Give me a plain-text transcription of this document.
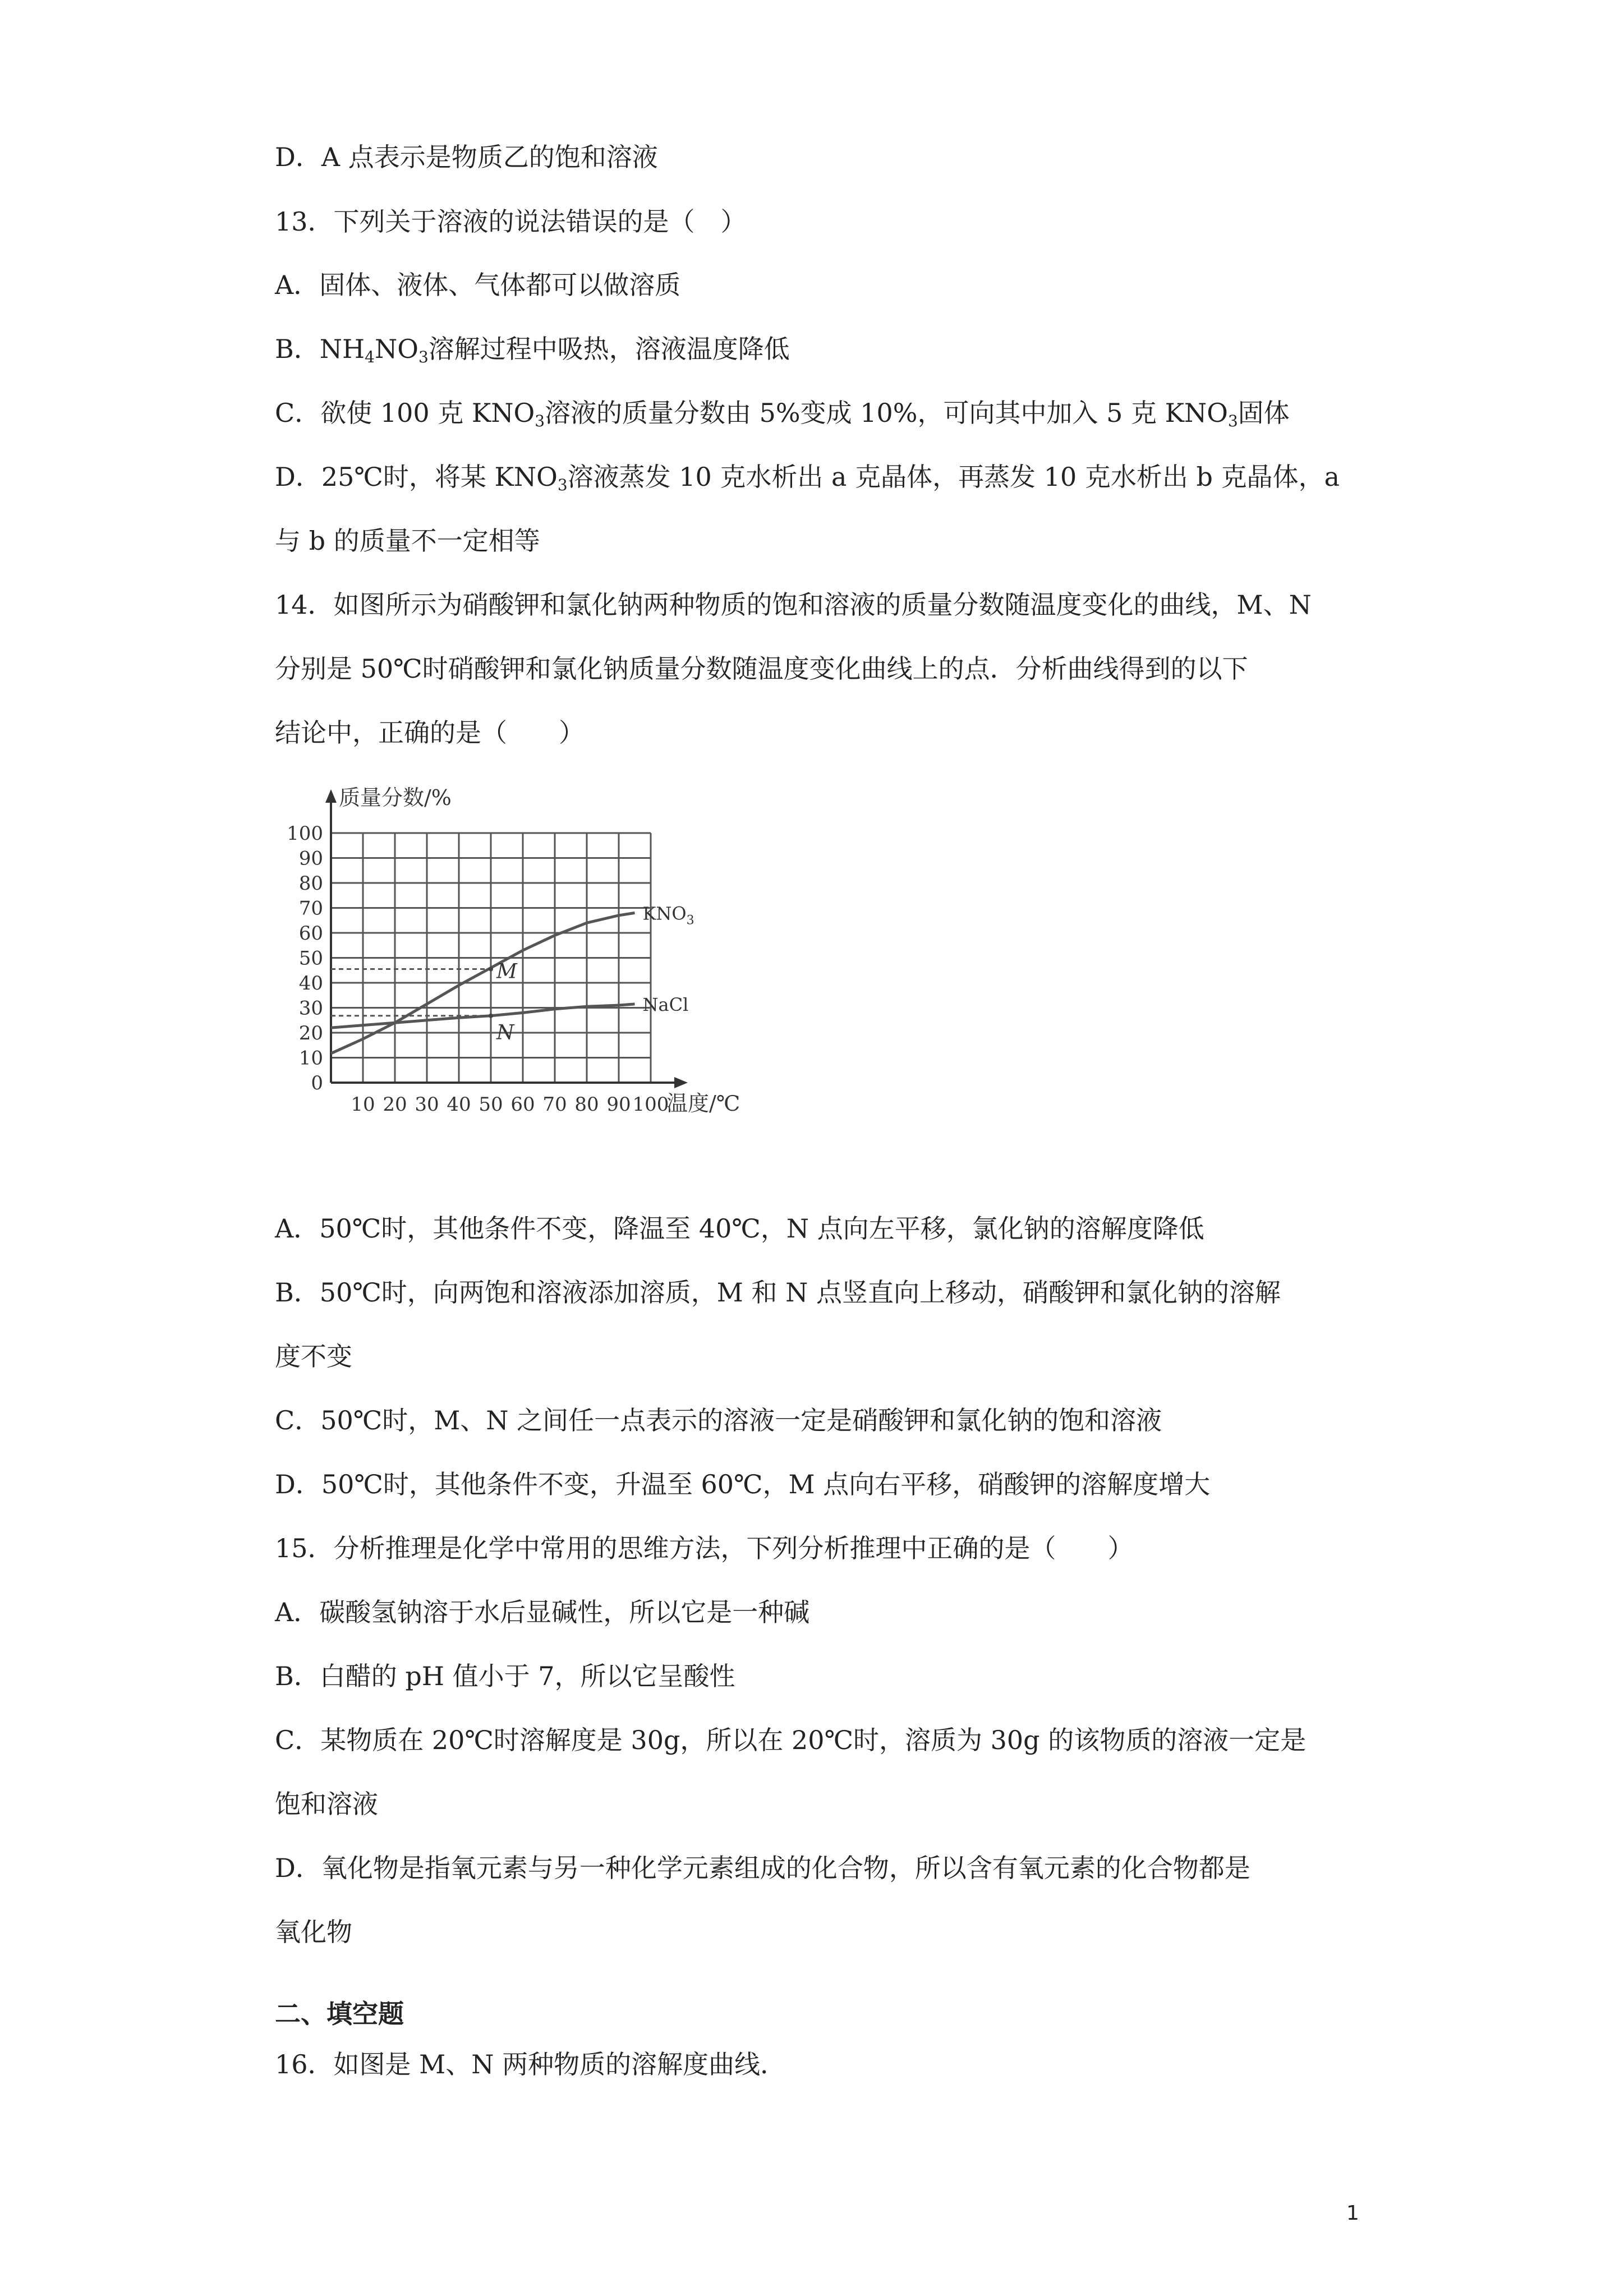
D．A 点表示是物质乙的饱和溶液
13．下列关于溶液的说法错误的是（　）
A．固体、液体、气体都可以做溶质
B．$NH_4NO_3$溶解过程中吸热，溶液温度降低
C．欲使 100 克 $KNO_3$溶液的质量分数由 5%变成 10%，可向其中加入 5 克 $KNO_3$固体
D．25℃时，将某 $KNO_3$溶液蒸发 10 克水析出 a 克晶体，再蒸发 10 克水析出 b 克晶体，a
与 b 的质量不一定相等
14．如图所示为硝酸钾和氯化钠两种物质的饱和溶液的质量分数随温度变化的曲线，M、N
分别是 50℃时硝酸钾和氯化钠质量分数随温度变化曲线上的点．分析曲线得到的以下
结论中，正确的是（　　）
0
10
20
30
40
50
60
70
80
90
100
10 20 30 40 50 60 70 80 90 100
质量分数/%
温度/℃
$KNO_3$
NaCl
M
N
A．50℃时，其他条件不变，降温至 40℃，N 点向左平移，氯化钠的溶解度降低
B．50℃时，向两饱和溶液添加溶质，M 和 N 点竖直向上移动，硝酸钾和氯化钠的溶解
度不变
C．50℃时，M、N 之间任一点表示的溶液一定是硝酸钾和氯化钠的饱和溶液
D．50℃时，其他条件不变，升温至 60℃，M 点向右平移，硝酸钾的溶解度增大
15．分析推理是化学中常用的思维方法，下列分析推理中正确的是（　　）
A．碳酸氢钠溶于水后显碱性，所以它是一种碱
B．白醋的 pH 值小于 7，所以它呈酸性
C．某物质在 20℃时溶解度是 30g，所以在 20℃时，溶质为 30g 的该物质的溶液一定是
饱和溶液
D．氧化物是指氧元素与另一种化学元素组成的化合物，所以含有氧元素的化合物都是
氧化物
二、填空题
16．如图是 M、N 两种物质的溶解度曲线．
1
